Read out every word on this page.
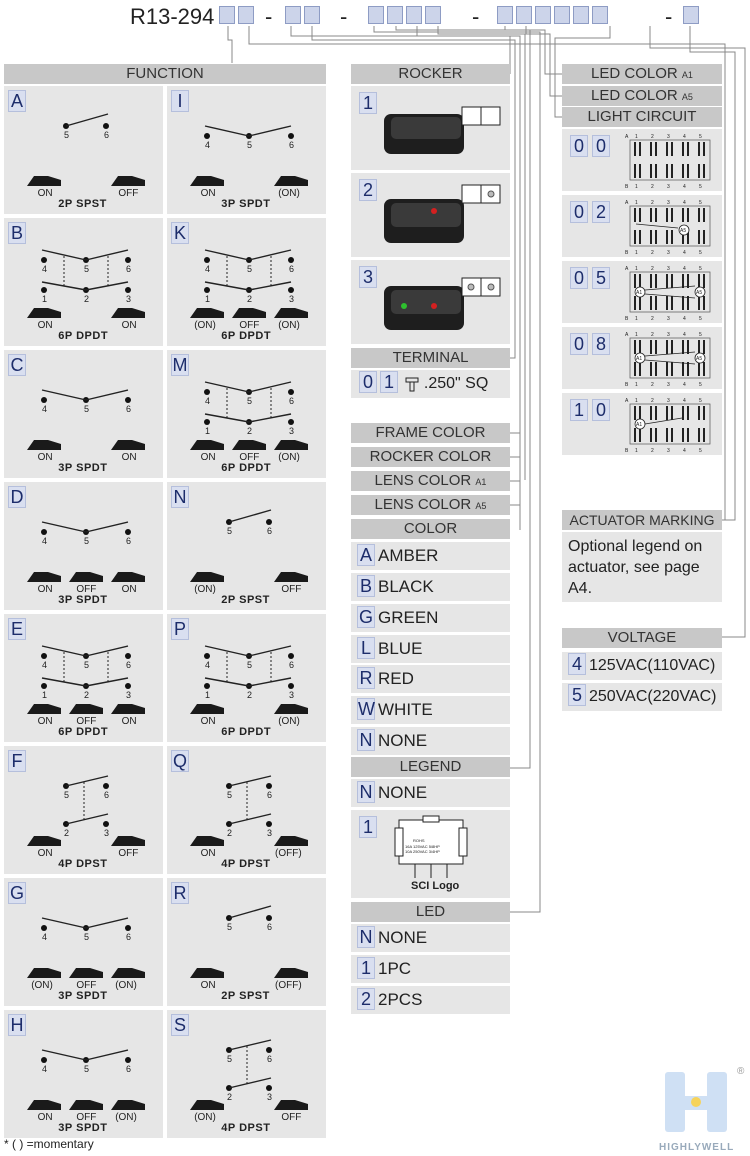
R13-294 -	-	-	-
FUNCTION
A
5	6
ON	OFF
2P SPST
I
4	5	6
ON	(ON)
3P SPDT
B
4	5	6
1	2	3
ON	ON
6P DPDT
K
4	5	6
1	2	3
(ON) OFF (ON)
6P DPDT
C
4	5	6
ON	ON
3P SPDT
M
4	5	6
1	2	3
ON OFF (ON)
6P DPDT
D
4	5	6
ON OFF	ON
3P SPDT
N
5	6
(ON)	OFF
2P SPST
E
4	5	6
1	2	3
ON OFF	ON
6P DPDT
P
4	5	6
1	2	3
ON	(ON)
6P DPDT
F
5	6
2	3
ON	OFF
4P DPST
Q
5	6
2	3
ON	(OFF)
4P DPST
G
4	5	6
(ON) OFF (ON)
3P SPDT
R
5	6
ON	(OFF)
2P SPST
H
4	5	6
ON OFF (ON)
3P SPDT
S
5	6
2	3
(ON)	OFF
4P DPST
* ( ) =momentary
ROCKER
1
2
3
TERMINAL
0 1 .250" SQ
FRAME COLOR
ROCKER COLOR
LENS COLOR A1
LENS COLOR A5
COLOR
A AMBER
B BLACK
G GREEN
L BLUE
R RED
W WHITE
N NONE
LEGEND
N NONE
1
ROHS
16A 125VAC 5/8HP
10A 250VAC 3/4HP
SCI Logo
LED
N NONE
1 1PC
2 2PCS
LED COLOR A1
LED COLOR A5
LIGHT CIRCUIT
0 0	A
B
1	2	3	4	5
1	2	3	4	5
0 2	A
B
1	2	3	4	5
1	2	3	4	5
A5
0 5	A
B
1	2	3	4	5
1	2	3	4	5
A1	A5
0 8	A
B
1	2	3	4	5
1	2	3	4	5
A1	A5
1 0	A
B
1	2	3	4	5
1	2	3	4	5
A1
ACTUATOR MARKING
Optional legend on actuator, see page A4.
VOLTAGE
4 125VAC(110VAC)
5 250VAC(220VAC)
®
HIGHLYWELL
